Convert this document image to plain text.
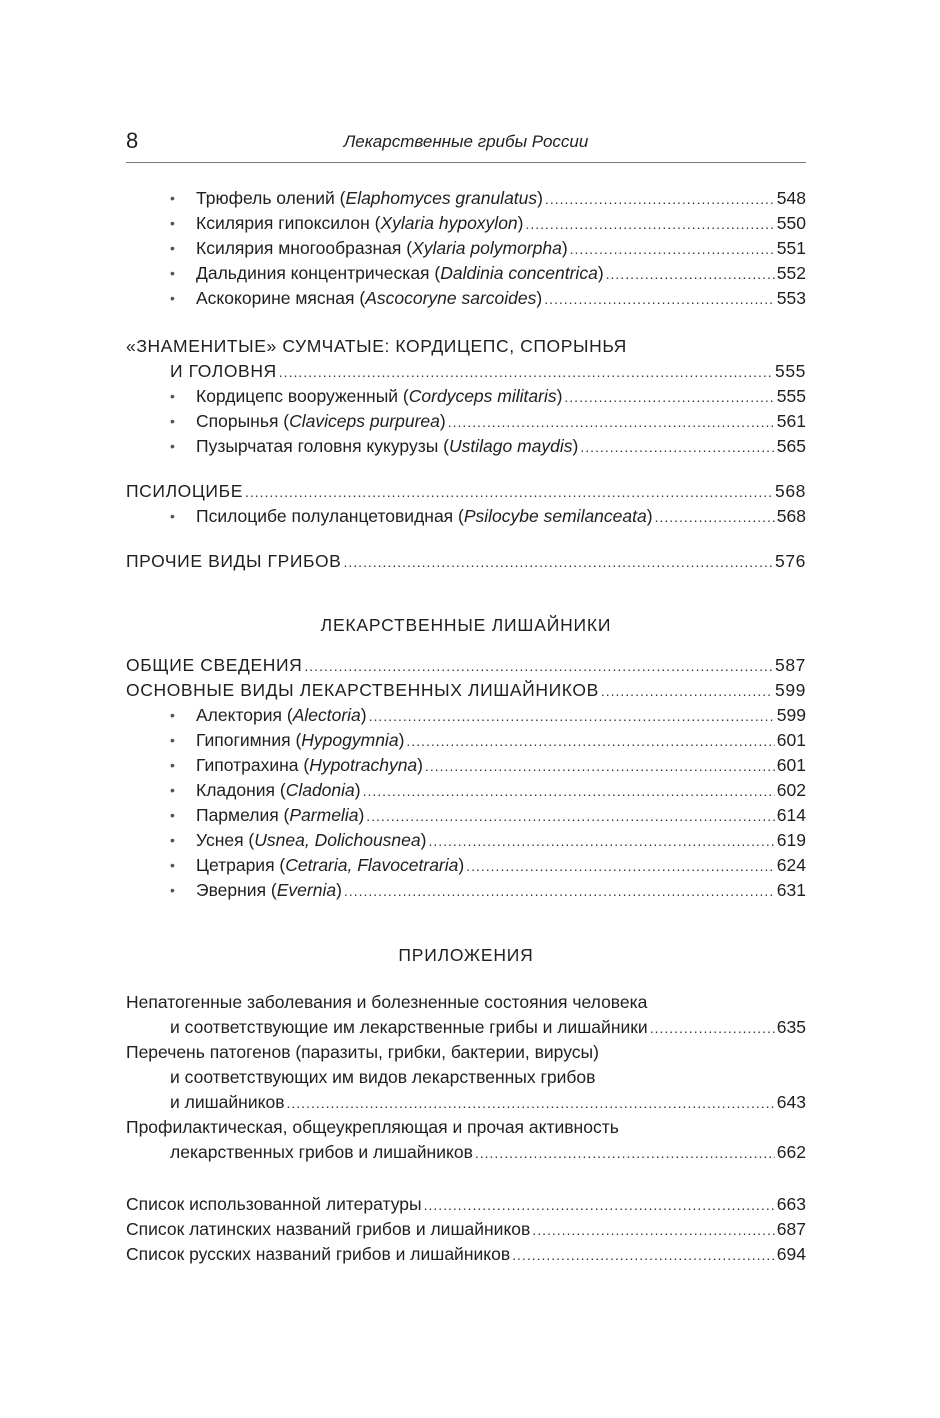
8	Лекарственные грибы России
• Трюфель олений (Elaphomyces granulatus) .....	548
• Ксилярия гипоксилон (Xylaria hypoxylon) .....	550
• Ксилярия многообразная (Xylaria polymorpha) .....	551
• Дальдиния концентрическая (Daldinia concentrica) .....	552
• Аскокорине мясная (Ascocoryne sarcoides) .....	553
«ЗНАМЕНИТЫЕ» СУМЧАТЫЕ: КОРДИЦЕПС, СПОРЫНЬЯ
И ГОЛОВНЯ .....	555
• Кордицепс вооруженный (Cordyceps militaris) .....	555
• Спорынья (Claviceps purpurea) .....	561
• Пузырчатая головня кукурузы (Ustilago maydis) .....	565
ПСИЛОЦИБЕ .....	568
• Псилоцибе полуланцетовидная (Psilocybe semilanceata) .....	568
ПРОЧИЕ ВИДЫ ГРИБОВ .....	576
ЛЕКАРСТВЕННЫЕ ЛИШАЙНИКИ
ОБЩИЕ СВЕДЕНИЯ .....	587
ОСНОВНЫЕ ВИДЫ ЛЕКАРСТВЕННЫХ ЛИШАЙНИКОВ .....	599
• Алектория (Alectoria) .....	599
• Гипогимния (Hypogymnia) .....	601
• Гипотрахина (Hypotrachyna) .....	601
• Кладония (Cladonia) .....	602
• Пармелия (Parmelia) .....	614
• Уснея (Usnea, Dolichousnea) .....	619
• Цетрария (Cetraria, Flavocetraria) .....	624
• Эверния (Evernia) .....	631
ПРИЛОЖЕНИЯ
Непатогенные заболевания и болезненные состояния человека
и соответствующие им лекарственные грибы и лишайники .....	635
Перечень патогенов (паразиты, грибки, бактерии, вирусы)
и соответствующих им видов лекарственных грибов
и лишайников .....	643
Профилактическая, общеукрепляющая и прочая активность
лекарственных грибов и лишайников .....	662
Список использованной литературы .....	663
Список латинских названий грибов и лишайников .....	687
Список русских названий грибов и лишайников .....	694
